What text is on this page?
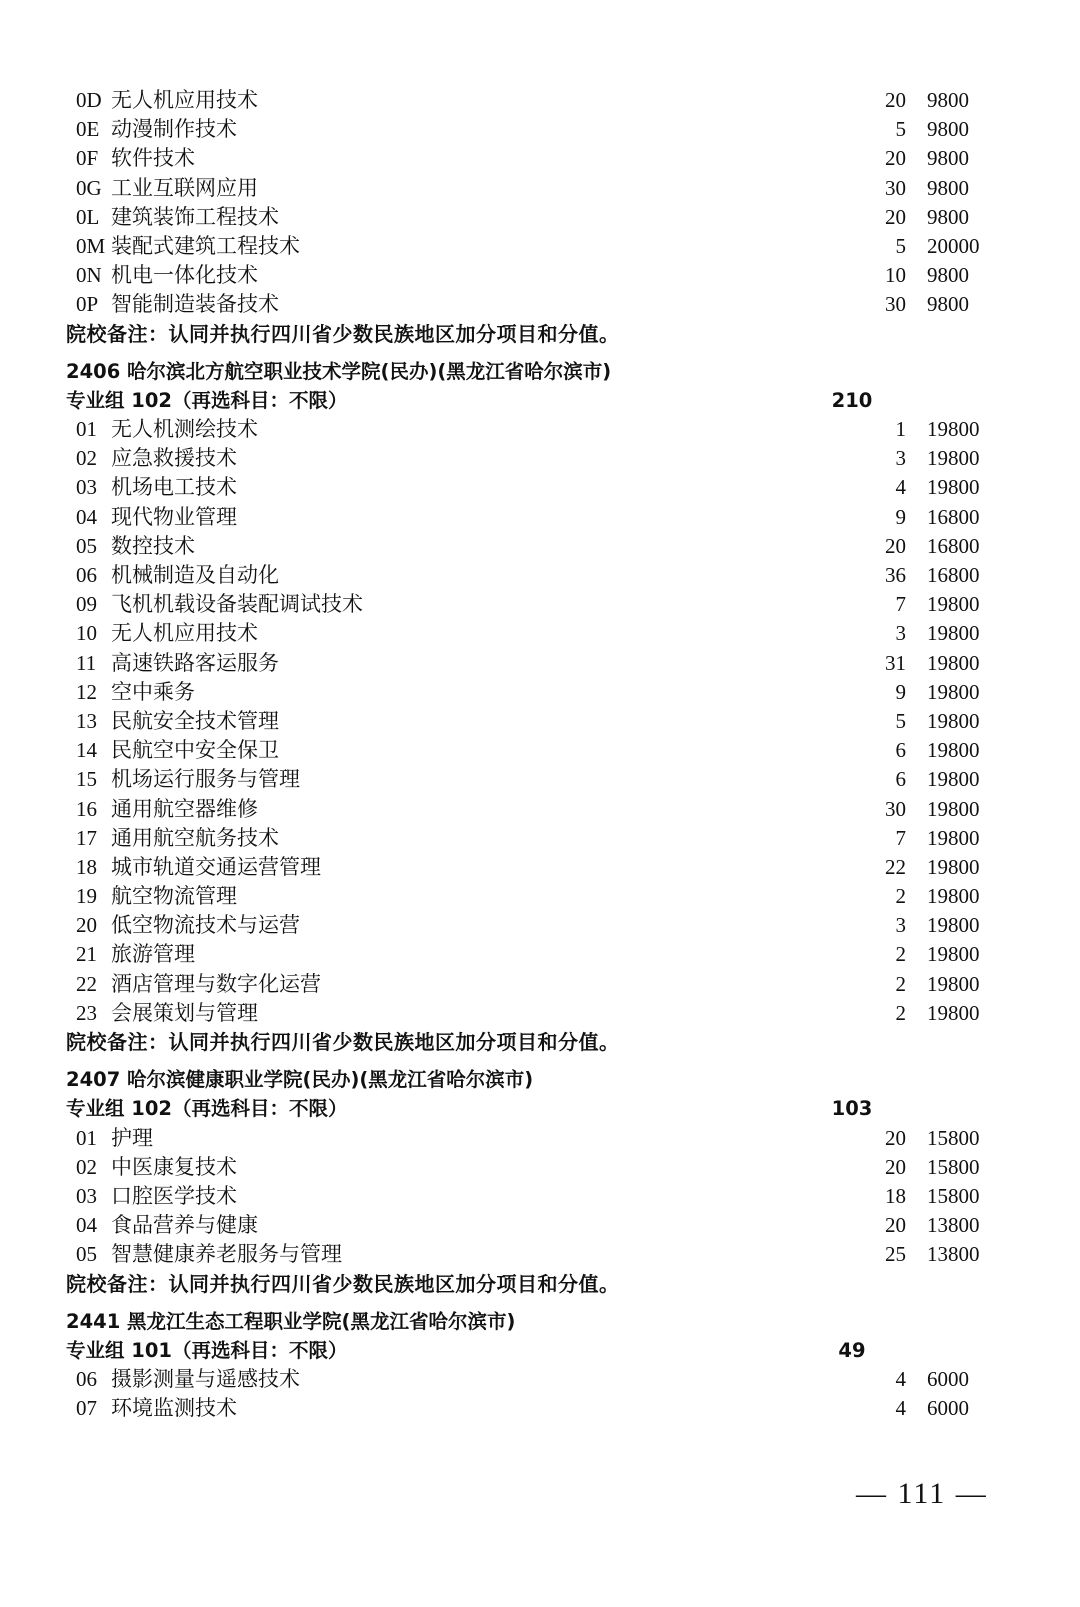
0D 无人机应用技术	20 9800
0E 动漫制作技术	5 9800
0F 软件技术	20 9800
0G 工业互联网应用	30 9800
0L 建筑装饰工程技术	20 9800
0M 装配式建筑工程技术	5 20000
0N 机电一体化技术	10 9800
0P 智能制造装备技术	30 9800
院校备注：认同并执行四川省少数民族地区加分项目和分值。
2406 哈尔滨北方航空职业技术学院(民办)(黑龙江省哈尔滨市)
专业组 102（再选科目：不限）	210
01 无人机测绘技术	1 19800
02 应急救援技术	3 19800
03 机场电工技术	4 19800
04 现代物业管理	9 16800
05 数控技术	20 16800
06 机械制造及自动化	36 16800
09 飞机机载设备装配调试技术	7 19800
10 无人机应用技术	3 19800
11 高速铁路客运服务	31 19800
12 空中乘务	9 19800
13 民航安全技术管理	5 19800
14 民航空中安全保卫	6 19800
15 机场运行服务与管理	6 19800
16 通用航空器维修	30 19800
17 通用航空航务技术	7 19800
18 城市轨道交通运营管理	22 19800
19 航空物流管理	2 19800
20 低空物流技术与运营	3 19800
21 旅游管理	2 19800
22 酒店管理与数字化运营	2 19800
23 会展策划与管理	2 19800
院校备注：认同并执行四川省少数民族地区加分项目和分值。
2407 哈尔滨健康职业学院(民办)(黑龙江省哈尔滨市)
专业组 102（再选科目：不限）	103
01 护理	20 15800
02 中医康复技术	20 15800
03 口腔医学技术	18 15800
04 食品营养与健康	20 13800
05 智慧健康养老服务与管理	25 13800
院校备注：认同并执行四川省少数民族地区加分项目和分值。
2441 黑龙江生态工程职业学院(黑龙江省哈尔滨市)
专业组 101（再选科目：不限）	49
06 摄影测量与遥感技术	4 6000
07 环境监测技术	4 6000
— 111 —
